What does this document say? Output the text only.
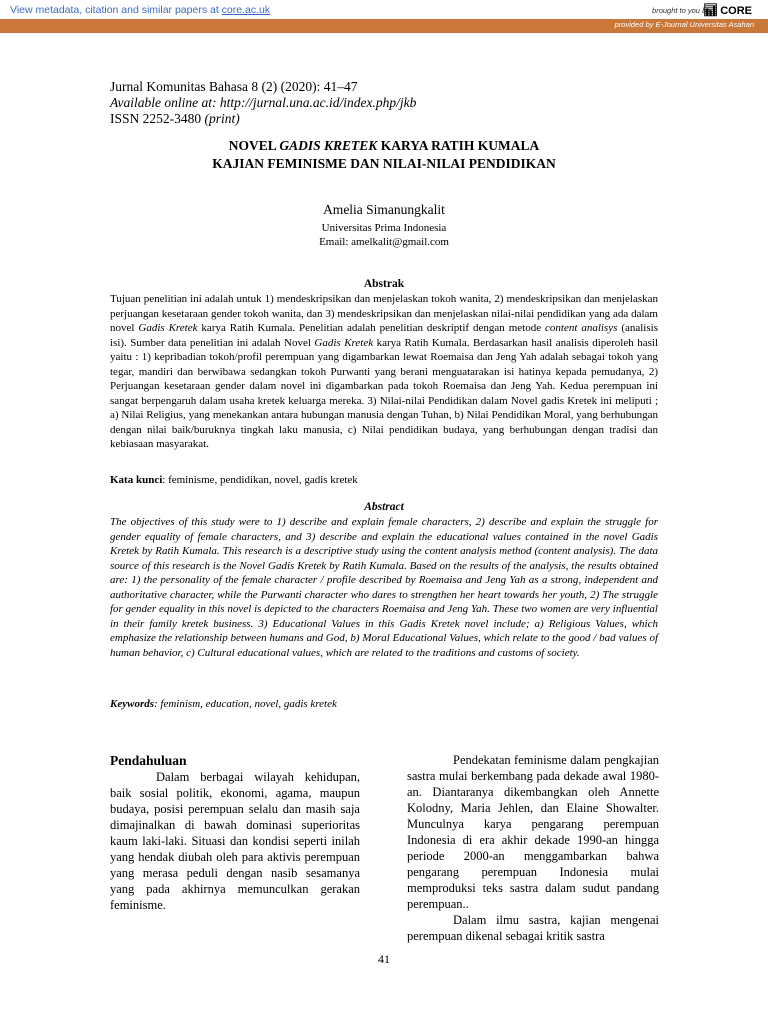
View metadata, citation and similar papers at core.ac.uk	brought to you by
📊︎ CORE
provided by E-Journal Universitas Asahan
Jurnal Komunitas Bahasa 8 (2) (2020): 41–47
Available online at: http://jurnal.una.ac.id/index.php/jkb
ISSN 2252-3480 (print)
NOVEL GADIS KRETEK KARYA RATIH KUMALA
KAJIAN FEMINISME DAN NILAI-NILAI PENDIDIKAN
Amelia Simanungkalit
Universitas Prima Indonesia
Email: amelkalit@gmail.com
Abstrak
Tujuan penelitian ini adalah untuk 1) mendeskripsikan dan menjelaskan tokoh wanita, 2) mendeskripsikan dan menjelaskan perjuangan kesetaraan gender tokoh wanita, dan 3) mendeskripsikan dan menjelaskan nilai-nilai pendidikan yang ada dalam novel Gadis Kretek karya Ratih Kumala. Penelitian adalah penelitian deskriptif dengan metode content analisys (analisis isi). Sumber data penelitian ini adalah Novel Gadis Kretek karya Ratih Kumala. Berdasarkan hasil analisis diperoleh hasil yaitu : 1) kepribadian tokoh/profil perempuan yang digambarkan lewat Roemaisa dan Jeng Yah adalah sebagai tokoh yang tegar, mandiri dan berwibawa sedangkan tokoh Purwanti yang berani menguatarakan isi hatinya kepada pemudanya, 2) Perjuangan kesetaraan gender dalam novel ini digambarkan pada tokoh Roemaisa dan Jeng Yah. Kedua perempuan ini sangat berpengaruh dalam usaha kretek keluarga mereka. 3) Nilai-nilai Pendidikan dalam Novel gadis Kretek ini meliputi ; a) Nilai Religius, yang menekankan antara hubungan manusia dengan Tuhan, b) Nilai Pendidikan Moral, yang berhubungan dengan nilai baik/buruknya tingkah laku manusia, c) Nilai pendidikan budaya, yang berhubungan dengan tradisi dan kebiasaan masyarakat.
Kata kunci: feminisme, pendidikan, novel, gadis kretek
Abstract
The objectives of this study were to 1) describe and explain female characters, 2) describe and explain the struggle for gender equality of female characters, and 3) describe and explain the educational values contained in the novel Gadis Kretek by Ratih Kumala. This research is a descriptive study using the content analysis method (content analysis). The data source of this research is the Novel Gadis Kretek by Ratih Kumala. Based on the results of the analysis, the results obtained are: 1) the personality of the female character / profile described by Roemaisa and Jeng Yah as a strong, independent and authoritative character, while the Purwanti character who dares to strengthen her heart towards her youth, 2) The struggle for gender equality in this novel is depicted to the characters Roemaisa and Jeng Yah. These two women are very influential in their family kretek business. 3) Educational Values in this Gadis Kretek novel include; a) Religious Values, which emphasize the relationship between humans and God, b) Moral Educational Values, which relate to the good / bad values of human behavior, c) Cultural educational values, which are related to the traditions and customs of society.
Keywords: feminism, education, novel, gadis kretek
Pendahuluan
Dalam berbagai wilayah kehidupan, baik sosial politik, ekonomi, agama, maupun budaya, posisi perempuan selalu dan masih saja dimajinalkan di bawah dominasi superioritas kaum laki-laki. Situasi dan kondisi seperti inilah yang hendak diubah oleh para aktivis perempuan yang merasa peduli dengan nasib sesamanya yang pada akhirnya memunculkan gerakan feminisme.
Pendekatan feminisme dalam pengkajian sastra mulai berkembang pada dekade awal 1980-an. Diantaranya dikembangkan oleh Annette Kolodny, Maria Jehlen, dan Elaine Showalter. Munculnya karya pengarang perempuan Indonesia di era akhir dekade 1990-an hingga periode 2000-an menggambarkan bahwa pengarang perempuan Indonesia mulai memproduksi teks sastra dalam sudut pandang perempuan..
Dalam ilmu sastra, kajian mengenai perempuan dikenal sebagai kritik sastra
41
